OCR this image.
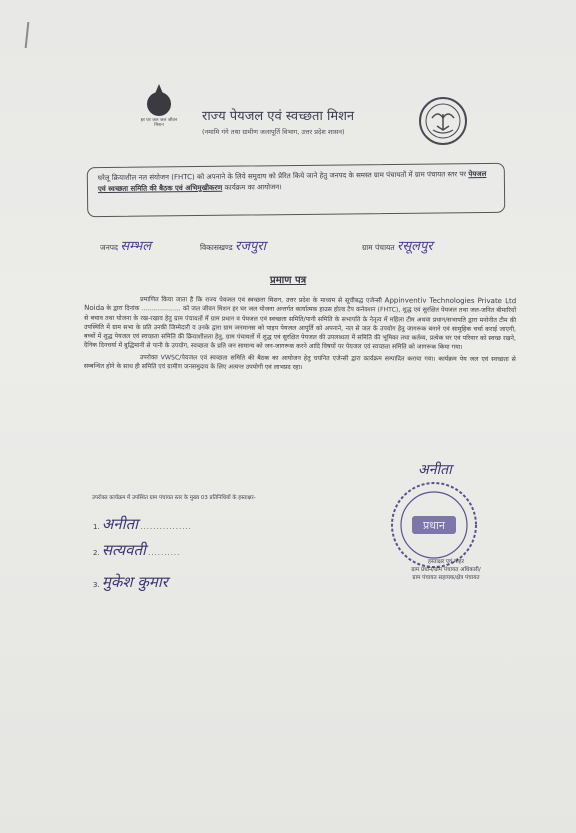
हर घर जल जल जीवन मिशन
राज्य पेयजल एवं स्वच्छता मिशन
(नमामि गंगे तथा ग्रामीण जलापूर्ति विभाग, उत्तर प्रदेश शासन)
घरेलू क्रियाशील नल संयोजन (FHTC) को अपनाने के लिये समुदाय को प्रेरित किये जाने हेतु जनपद के समस्त ग्राम पंचायतों में ग्राम पंचायत स्तर पर पेयजल एवं स्वच्छता समिति की बैठक एवं अभिमुखीकरण कार्यक्रम का आयोजन।
जनपद सम्भल	विकासखण्ड रजपुरा	ग्राम पंचायत रसूलपुर
प्रमाण पत्र

प्रमाणित किया जाता है कि राज्य पेयजल एवं स्वच्छता मिशन, उत्तर प्रदेश के माध्यम से सूचीबद्ध एजेन्सी Appinventiv Technologies Private Ltd Noida के द्वारा दिनांक .................... को जल जीवन मिशन हर घर जल योजना अन्तर्गत कार्यात्मक हाउस होल्ड टैप कनेक्शन (FHTC), शुद्ध एवं सुरक्षित पेयजल तथा जल-जनित बीमारियों से बचाव तथा योजना के रख-रखाव हेतु ग्राम पंचायतों में ग्राम प्रधान व पेयजल एवं स्वच्छता समिति/पानी समिति के सभापति के नेतृत्व में महिला टीम अथवा प्रधान/सभापति द्वारा मनोनीत टीम की उपस्थिति में ग्राम सभा के प्रति उनकी जिम्मेदारी व उनके द्वारा ग्राम जनमानस को पाइप पेयजल आपूर्ति को अपनाने, नल से जल के उपयोग हेतु जागरूक बनाने एवं सामुहिक चर्चा कराई जाएगी, बच्चों में शुद्ध पेयजल एवं स्वच्छता समिति की क्रियाशीलता हेतु, ग्राम पंचायतों में शुद्ध एवं सुरक्षित पेयजल की उपलब्धता में समिति की भूमिका तथा कर्तव्य, प्रत्येक घर एवं परिवार को स्वच्छ रखने, दैनिक दिनचर्या में बुद्धिमानी से पानी के उपयोग, स्वच्छता के प्रति जन सामान्य को जन-जागरूक करने आदि विषयों पर पेयजल एवं स्वच्छता समिति को जागरूक किया गया।

उपरोक्त VWSC/पेयजल एवं स्वच्छता समिति की बैठक का आयोजन हेतु चयनित एजेन्सी द्वारा कार्यक्रम सम्पादित कराया गया। कार्यक्रम पेय जल एवं स्वच्छता से सम्बन्धित होने के साथ ही समिति एवं ग्रामीण जनसमुदाय के लिए अत्यन्त उपयोगी एवं लाभप्रद रहा।

उपरोक्त कार्यक्रम में उपस्थित ग्राम पंचायत स्तर के मुख्य 03 प्रतिनिधियों के हस्ताक्षर-
1. अनीता ................
2. सत्यवती ..........
3. मुकेश कुमार
अनीता
प्रधान
हस्ताक्षर एवं मोहर
ग्राम प्रधान/ग्राम पंचायत अधिकारी/
ग्राम पंचायत सहायक/क्षेत्र पंचायत
